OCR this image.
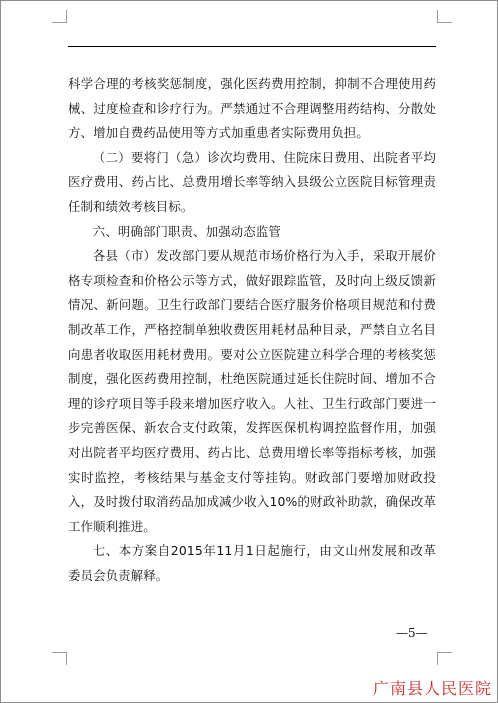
科学合理的考核奖惩制度，强化医药费用控制，抑制不合理使用药械、过度检查和诊疗行为。严禁通过不合理调整用药结构、分散处方、增加自费药品使用等方式加重患者实际费用负担。

（二）要将门（急）诊次均费用、住院床日费用、出院者平均医疗费用、药占比、总费用增长率等纳入县级公立医院目标管理责任制和绩效考核目标。

六、明确部门职责、加强动态监管

各县（市）发改部门要从规范市场价格行为入手，采取开展价格专项检查和价格公示等方式，做好跟踪监管，及时向上级反馈新情况、新问题。卫生行政部门要结合医疗服务价格项目规范和付费制改革工作，严格控制单独收费医用耗材品种目录，严禁自立名目向患者收取医用耗材费用。要对公立医院建立科学合理的考核奖惩制度，强化医药费用控制，杜绝医院通过延长住院时间、增加不合理的诊疗项目等手段来增加医疗收入。人社、卫生行政部门要进一步完善医保、新农合支付政策，发挥医保机构调控监督作用，加强对出院者平均医疗费用、药占比、总费用增长率等指标考核，加强实时监控，考核结果与基金支付等挂钩。财政部门要增加财政投入，及时拨付取消药品加成减少收入10%的财政补助款，确保改革工作顺利推进。

七、本方案自2015年11月1日起施行，由文山州发展和改革委员会负责解释。

—5—
广南县人民医院
